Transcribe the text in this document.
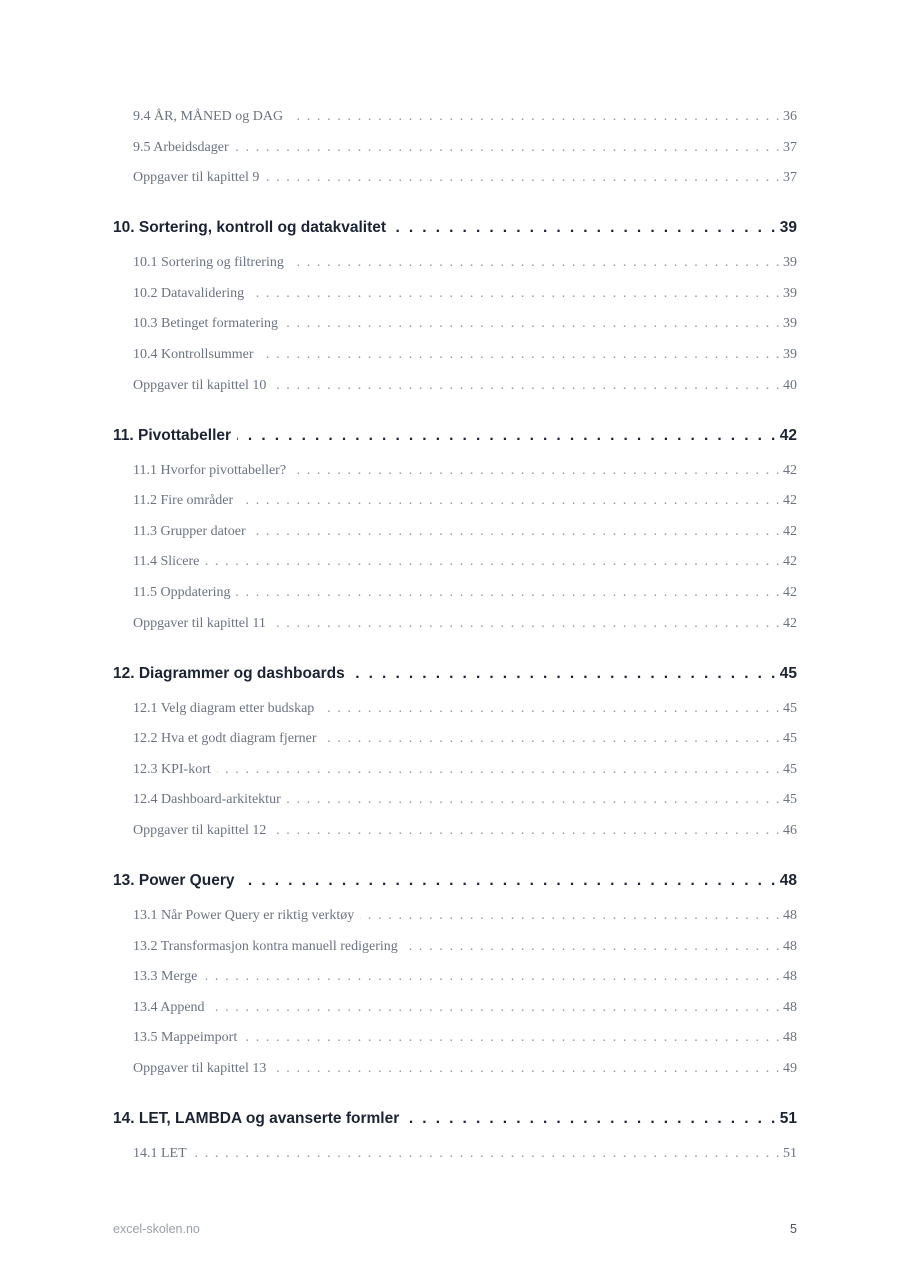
9.4 ÅR, MÅNED og DAG . . .	36
9.5 Arbeidsdager . . .	37
Oppgaver til kapittel 9 . . .	37
10. Sortering, kontroll og datakvalitet . . .	39
10.1 Sortering og filtrering . . .	39
10.2 Datavalidering . . .	39
10.3 Betinget formatering . . .	39
10.4 Kontrollsummer . . .	39
Oppgaver til kapittel 10 . . .	40
11. Pivottabeller . . .	42
11.1 Hvorfor pivottabeller? . . .	42
11.2 Fire områder . . .	42
11.3 Grupper datoer . . .	42
11.4 Slicere . . .	42
11.5 Oppdatering . . .	42
Oppgaver til kapittel 11 . . .	42
12. Diagrammer og dashboards . . .	45
12.1 Velg diagram etter budskap . . .	45
12.2 Hva et godt diagram fjerner . . .	45
12.3 KPI-kort . . .	45
12.4 Dashboard-arkitektur . . .	45
Oppgaver til kapittel 12 . . .	46
13. Power Query . . .	48
13.1 Når Power Query er riktig verktøy . . .	48
13.2 Transformasjon kontra manuell redigering . . .	48
13.3 Merge . . .	48
13.4 Append . . .	48
13.5 Mappeimport . . .	48
Oppgaver til kapittel 13 . . .	49
14. LET, LAMBDA og avanserte formler . . .	51
14.1 LET . . .	51
excel-skolen.no	5
